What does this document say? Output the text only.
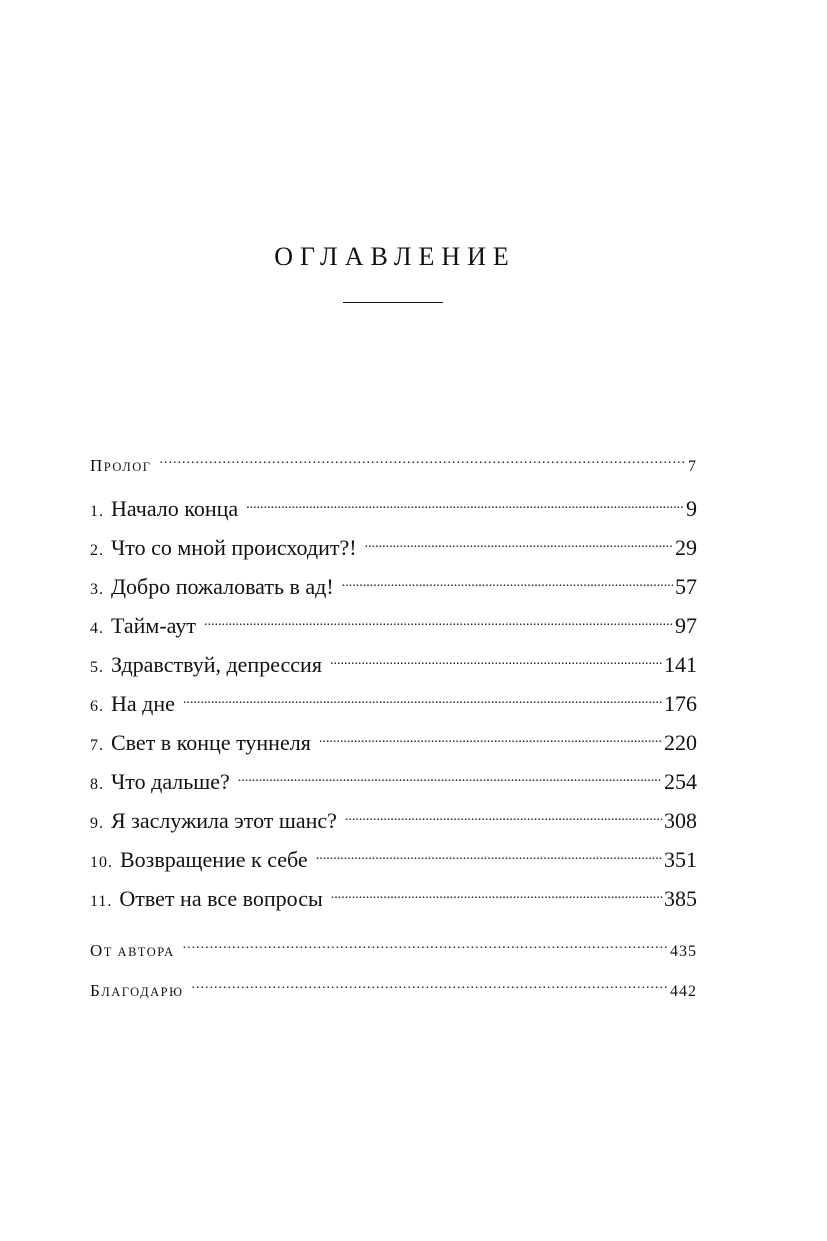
ОГЛАВЛЕНИЕ
ПРОЛОГ .....	7
1. Начало конца .....	9
2. Что со мной происходит?! .....	29
3. Добро пожаловать в ад! .....	57
4. Тайм-аут .....	97
5. Здравствуй, депрессия .....	141
6. На дне .....	176
7. Свет в конце туннеля .....	220
8. Что дальше? .....	254
9. Я заслужила этот шанс? .....	308
10. Возвращение к себе .....	351
11. Ответ на все вопросы .....	385
ОТ АВТОРА .....	435
БЛАГОДАРЮ .....	442
